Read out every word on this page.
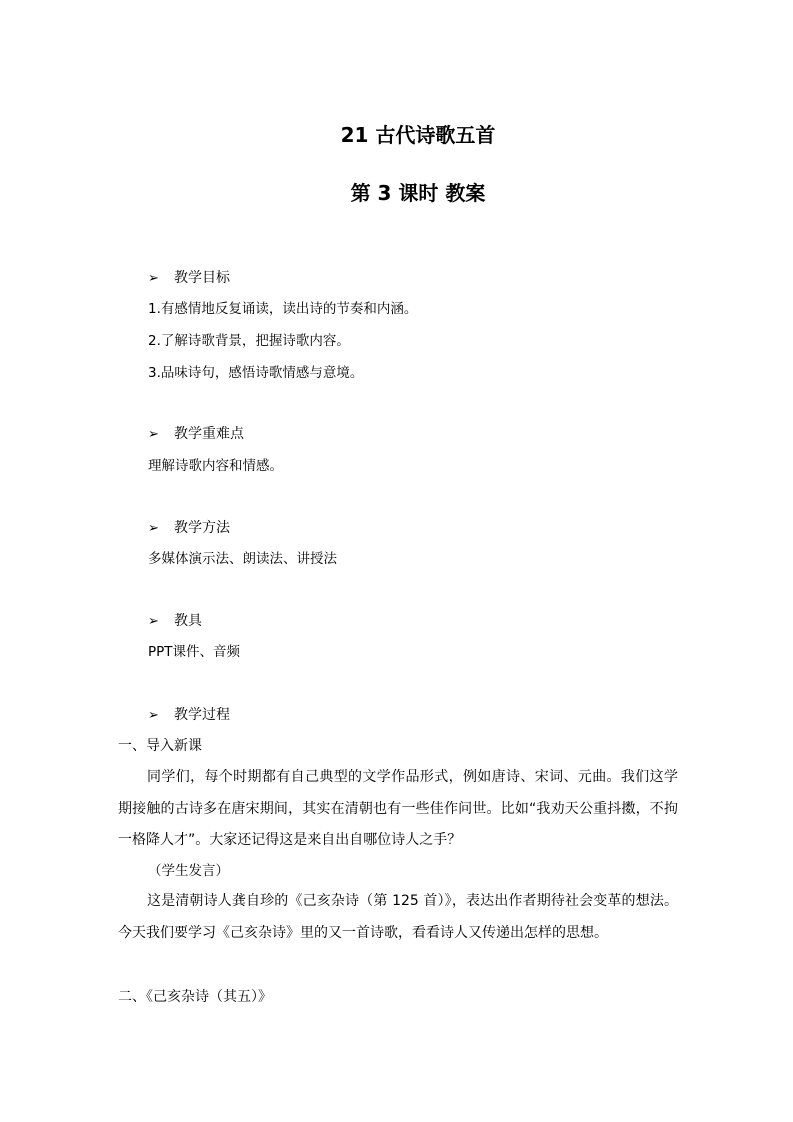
21 古代诗歌五首
第 3 课时 教案
➢ 教学目标
1.有感情地反复诵读，读出诗的节奏和内涵。
2.了解诗歌背景，把握诗歌内容。
3.品味诗句，感悟诗歌情感与意境。
➢ 教学重难点
理解诗歌内容和情感。
➢ 教学方法
多媒体演示法、朗读法、讲授法
➢ 教具
PPT课件、音频
➢ 教学过程
一、导入新课

同学们，每个时期都有自己典型的文学作品形式，例如唐诗、宋词、元曲。我们这学期接触的古诗多在唐宋期间，其实在清朝也有一些佳作问世。比如“我劝天公重抖擞，不拘一格降人才”。大家还记得这是来自出自哪位诗人之手？

（学生发言）

这是清朝诗人龚自珍的《己亥杂诗（第 125 首）》，表达出作者期待社会变革的想法。今天我们要学习《己亥杂诗》里的又一首诗歌，看看诗人又传递出怎样的思想。

二、《己亥杂诗（其五）》
